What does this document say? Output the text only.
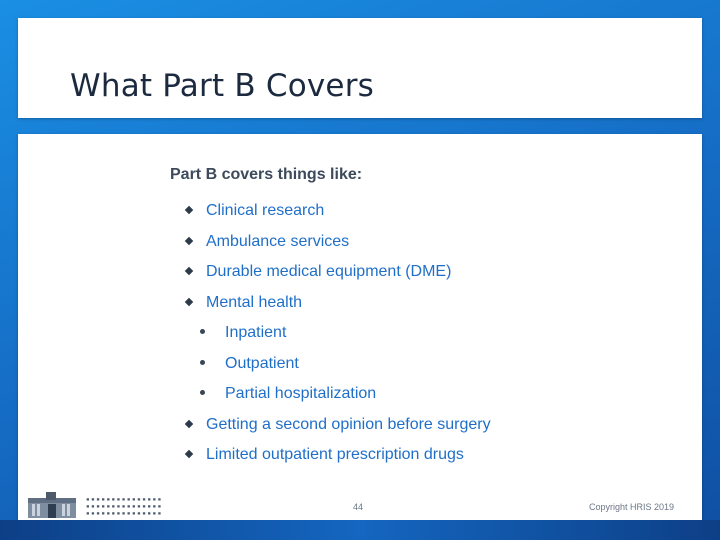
What Part B Covers
Part B covers things like:
Clinical research
Ambulance services
Durable medical equipment (DME)
Mental health
Inpatient
Outpatient
Partial hospitalization
Getting a second opinion before surgery
Limited outpatient prescription drugs
▪▪▪▪▪▪▪▪▪▪▪▪▪▪▪
▪▪▪▪▪▪▪▪▪▪▪▪▪▪▪
▪▪▪▪▪▪▪▪▪▪▪▪▪▪▪
44	Copyright HRIS 2019
